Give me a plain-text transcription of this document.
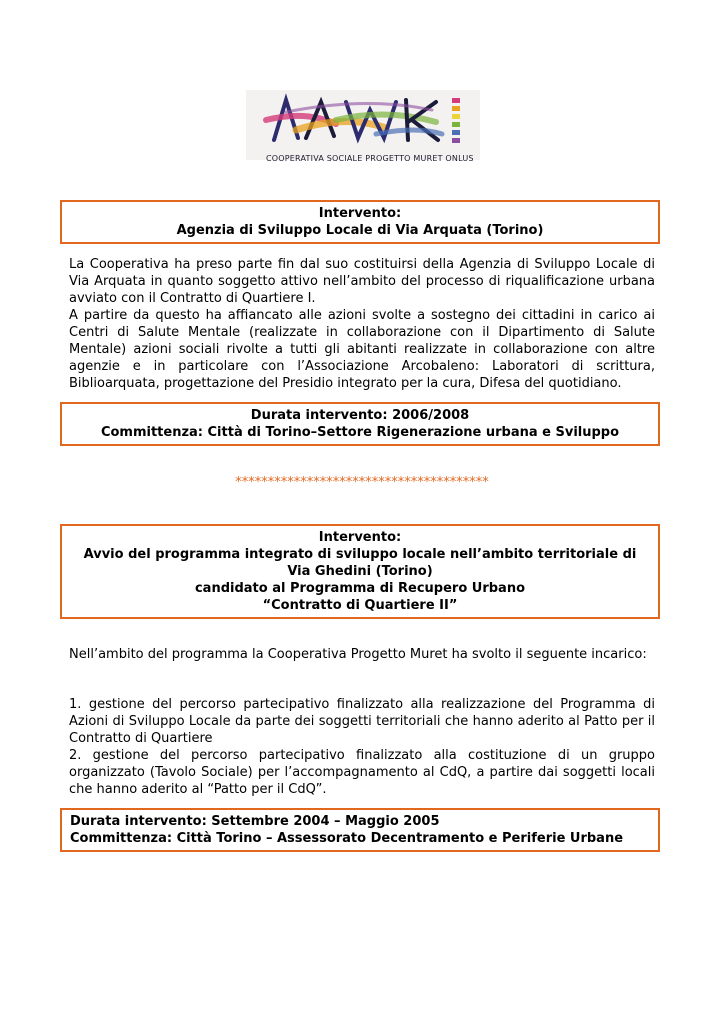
COOPERATIVA SOCIALE PROGETTO MURET ONLUS
Intervento:
Agenzia di Sviluppo Locale di Via Arquata (Torino)

La Cooperativa ha preso parte fin dal suo costituirsi della Agenzia di Sviluppo Locale di Via Arquata in quanto soggetto attivo nell’ambito del processo di riqualificazione urbana avviato con il Contratto di Quartiere I.

A partire da questo ha affiancato alle azioni svolte a sostegno dei cittadini in carico ai Centri di Salute Mentale (realizzate in collaborazione con il Dipartimento di Salute Mentale) azioni sociali rivolte a tutti gli abitanti realizzate in collaborazione con altre agenzie e in particolare con l’Associazione Arcobaleno: Laboratori di scrittura, Biblioarquata, progettazione del Presidio integrato per la cura, Difesa del quotidiano.

Durata intervento: 2006/2008
Committenza: Città di Torino–Settore Rigenerazione urbana e Sviluppo
***************************************
Intervento:
Avvio del programma integrato di sviluppo locale nell’ambito territoriale di
Via Ghedini (Torino)
candidato al Programma di Recupero Urbano
“Contratto di Quartiere II”

Nell’ambito del programma la Cooperativa Progetto Muret ha svolto il seguente incarico:

1. gestione del percorso partecipativo finalizzato alla realizzazione del Programma di Azioni di Sviluppo Locale da parte dei soggetti territoriali che hanno aderito al Patto per il Contratto di Quartiere

2. gestione del percorso partecipativo finalizzato alla costituzione di un gruppo organizzato (Tavolo Sociale) per l’accompagnamento al CdQ, a partire dai soggetti locali che hanno aderito al “Patto per il CdQ”.

Durata intervento: Settembre 2004 – Maggio 2005
Committenza: Città Torino – Assessorato Decentramento e Periferie Urbane
